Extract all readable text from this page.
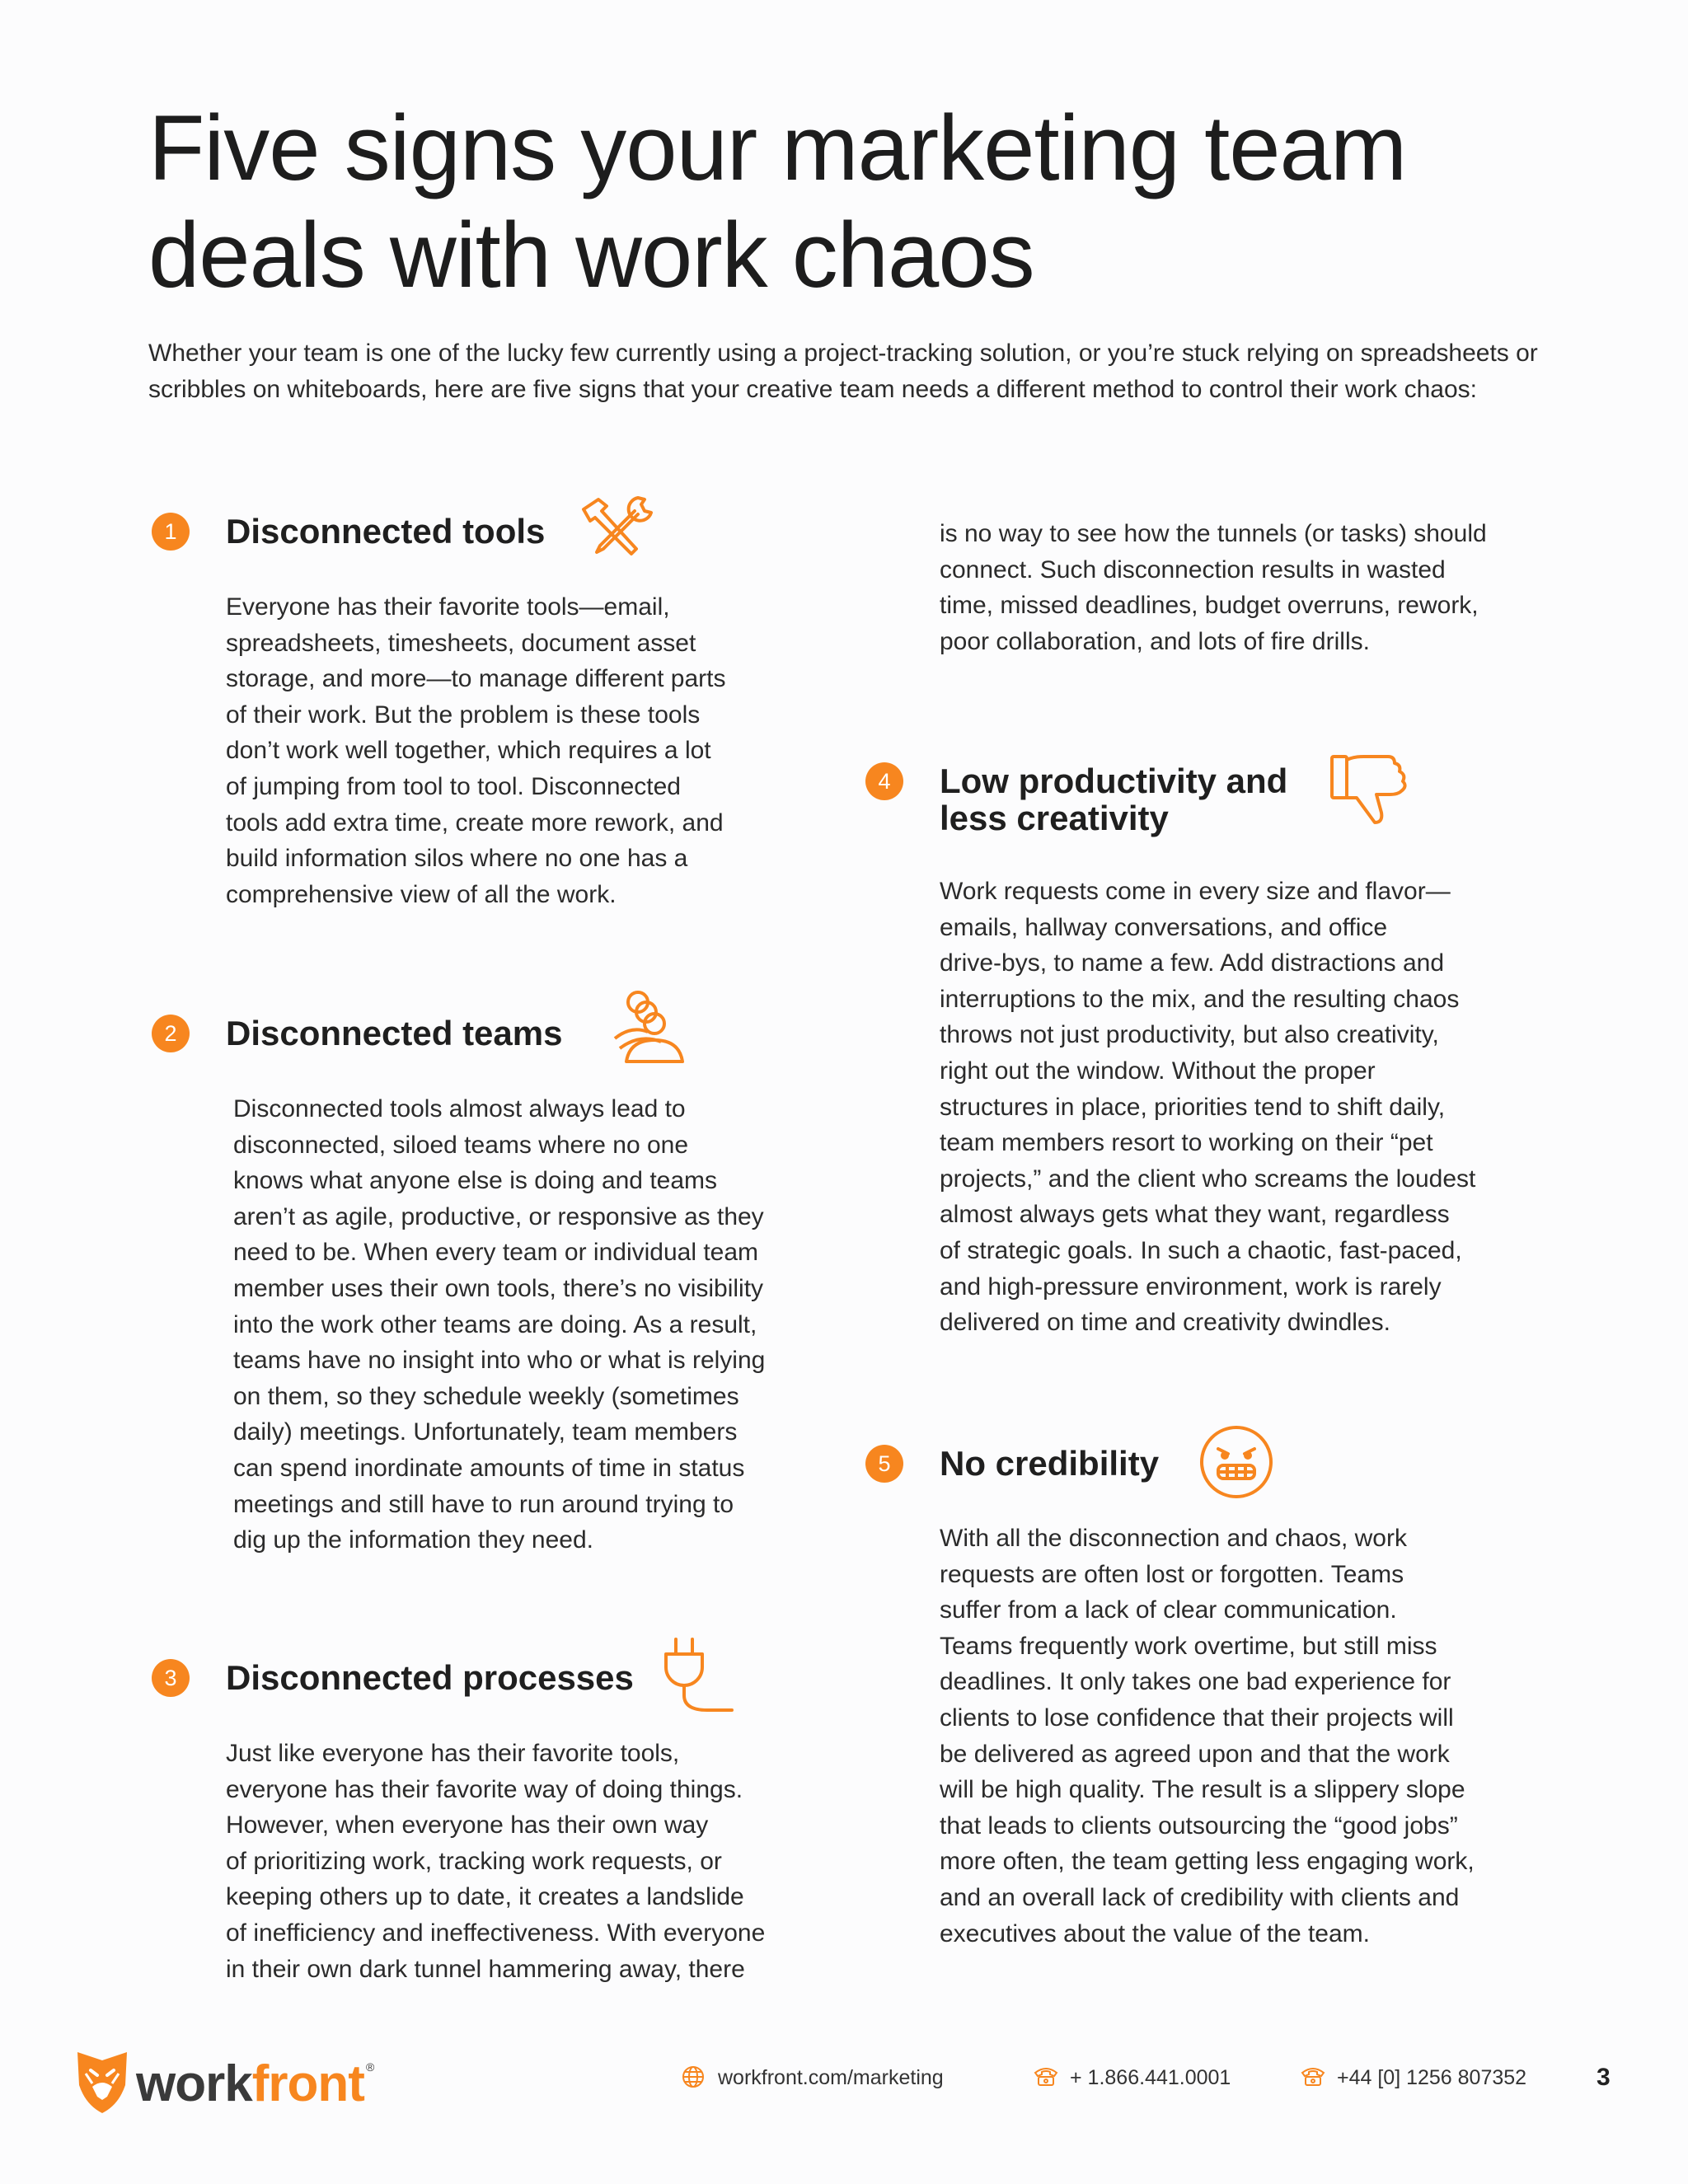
Five signs your marketing team
deals with work chaos
Whether your team is one of the lucky few currently using a project-tracking solution, or you’re stuck relying on spreadsheets or scribbles on whiteboards, here are five signs that your creative team needs a different method to control their work chaos:
1	Disconnected tools
Everyone has their favorite tools—email,
spreadsheets, timesheets, document asset
storage, and more—to manage different parts
of their work. But the problem is these tools
don’t work well together, which requires a lot
of jumping from tool to tool. Disconnected
tools add extra time, create more rework, and
build information silos where no one has a
comprehensive view of all the work.
2	Disconnected teams
Disconnected tools almost always lead to
disconnected, siloed teams where no one
knows what anyone else is doing and teams
aren’t as agile, productive, or responsive as they
need to be. When every team or individual team
member uses their own tools, there’s no visibility
into the work other teams are doing. As a result,
teams have no insight into who or what is relying
on them, so they schedule weekly (sometimes
daily) meetings. Unfortunately, team members
can spend inordinate amounts of time in status
meetings and still have to run around trying to
dig up the information they need.
3	Disconnected processes
Just like everyone has their favorite tools,
everyone has their favorite way of doing things.
However, when everyone has their own way
of prioritizing work, tracking work requests, or
keeping others up to date, it creates a landslide
of inefficiency and ineffectiveness. With everyone
in their own dark tunnel hammering away, there
is no way to see how the tunnels (or tasks) should
connect. Such disconnection results in wasted
time, missed deadlines, budget overruns, rework,
poor collaboration, and lots of fire drills.
4	Low productivity and
less creativity
Work requests come in every size and flavor—
emails, hallway conversations, and office
drive-bys, to name a few. Add distractions and
interruptions to the mix, and the resulting chaos
throws not just productivity, but also creativity,
right out the window. Without the proper
structures in place, priorities tend to shift daily,
team members resort to working on their “pet
projects,” and the client who screams the loudest
almost always gets what they want, regardless
of strategic goals. In such a chaotic, fast-paced,
and high-pressure environment, work is rarely
delivered on time and creativity dwindles.
5	No credibility
With all the disconnection and chaos, work
requests are often lost or forgotten. Teams
suffer from a lack of clear communication.
Teams frequently work overtime, but still miss
deadlines. It only takes one bad experience for
clients to lose confidence that their projects will
be delivered as agreed upon and that the work
will be high quality. The result is a slippery slope
that leads to clients outsourcing the “good jobs”
more often, the team getting less engaging work,
and an overall lack of credibility with clients and
executives about the value of the team.
workfront ®	workfront.com/marketing	+ 1.866.441.0001	+44 [0] 1256 807352	3
